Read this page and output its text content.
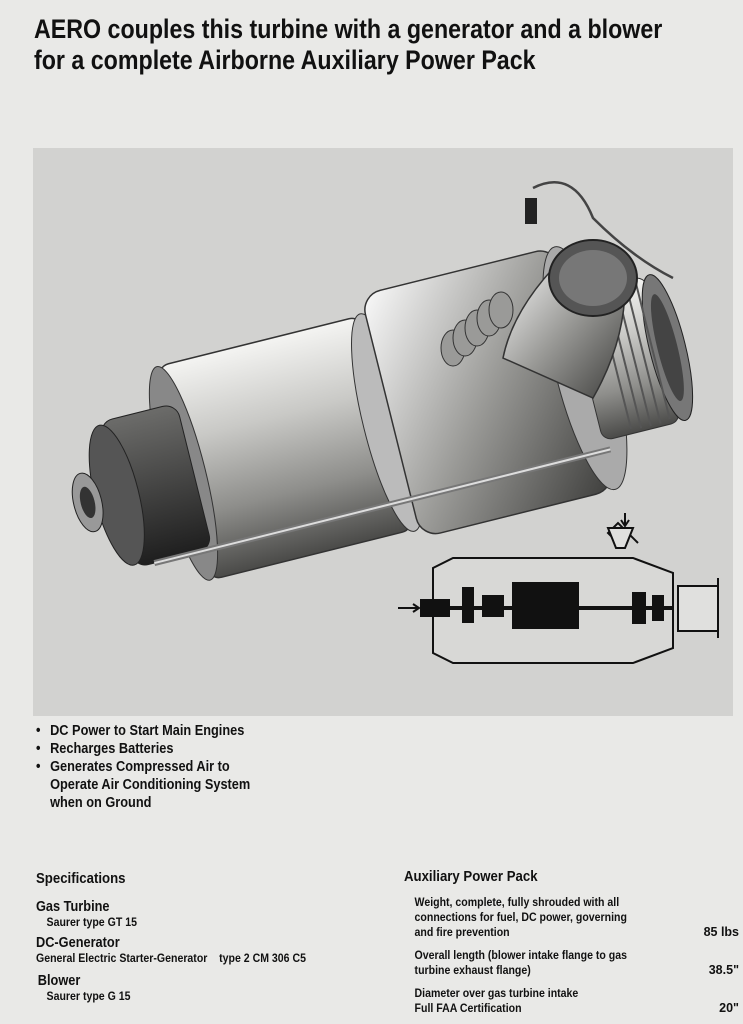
AERO couples this turbine with a generator and a blower
for a complete Airborne Auxiliary Power Pack
• DC Power to Start Main Engines
• Recharges Batteries
• Generates Compressed Air to
Operate Air Conditioning System
when on Ground
Specifications
Gas Turbine
Saurer type GT 15
DC-Generator
General Electric Starter-Generator    type 2 CM 306 C5
Blower
Saurer type G 15
Auxiliary Power Pack
Weight, complete, fully shrouded with all
connections for fuel, DC power, governing
and fire prevention	85 lbs
Overall length (blower intake flange to gas
turbine exhaust flange)	38.5"
Diameter over gas turbine intake
Full FAA Certification	20"
